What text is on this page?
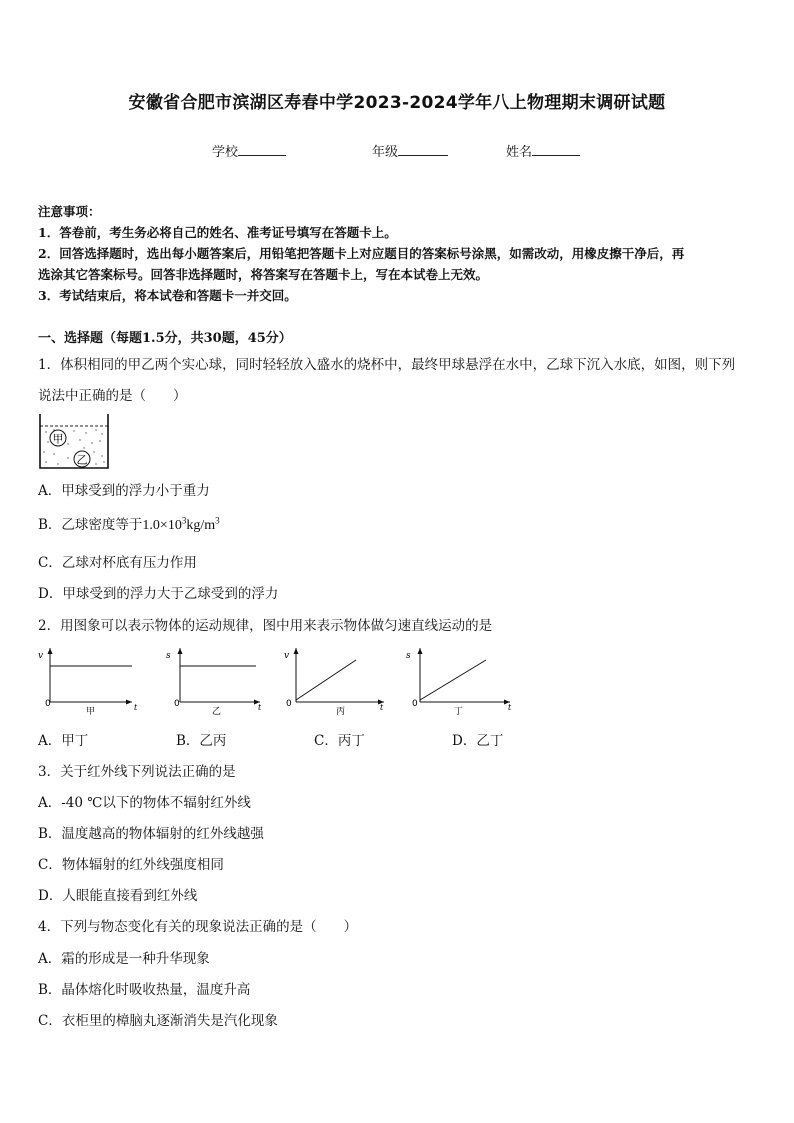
安徽省合肥市滨湖区寿春中学2023-2024学年八上物理期末调研试题
学校	年级	姓名
注意事项：
1．答卷前，考生务必将自己的姓名、准考证号填写在答题卡上。
2．回答选择题时，选出每小题答案后，用铅笔把答题卡上对应题目的答案标号涂黑，如需改动，用橡皮擦干净后，再
选涂其它答案标号。回答非选择题时，将答案写在答题卡上，写在本试卷上无效。
3．考试结束后，将本试卷和答题卡一并交回。
一、选择题（每题1.5分，共30题，45分）
1．体积相同的甲乙两个实心球，同时轻轻放入盛水的烧杯中，最终甲球悬浮在水中，乙球下沉入水底，如图，则下列
说法中正确的是（　　）
甲
乙
A．甲球受到的浮力小于重力
B．乙球密度等于$1.0\times 10^3kg/m^3$
C．乙球对杯底有压力作用
D．甲球受到的浮力大于乙球受到的浮力
2．用图象可以表示物体的运动规律，图中用来表示物体做匀速直线运动的是
v
0	t
甲
s
0	t
乙
v
0	t
丙
s
0	t
丁
A．甲丁	B．乙丙	C．丙丁	D．乙丁
3．关于红外线下列说法正确的是
A．-40 ℃以下的物体不辐射红外线
B．温度越高的物体辐射的红外线越强
C．物体辐射的红外线强度相同
D．人眼能直接看到红外线
4．下列与物态变化有关的现象说法正确的是（　　）
A．霜的形成是一种升华现象
B．晶体熔化时吸收热量，温度升高
C．衣柜里的樟脑丸逐渐消失是汽化现象
